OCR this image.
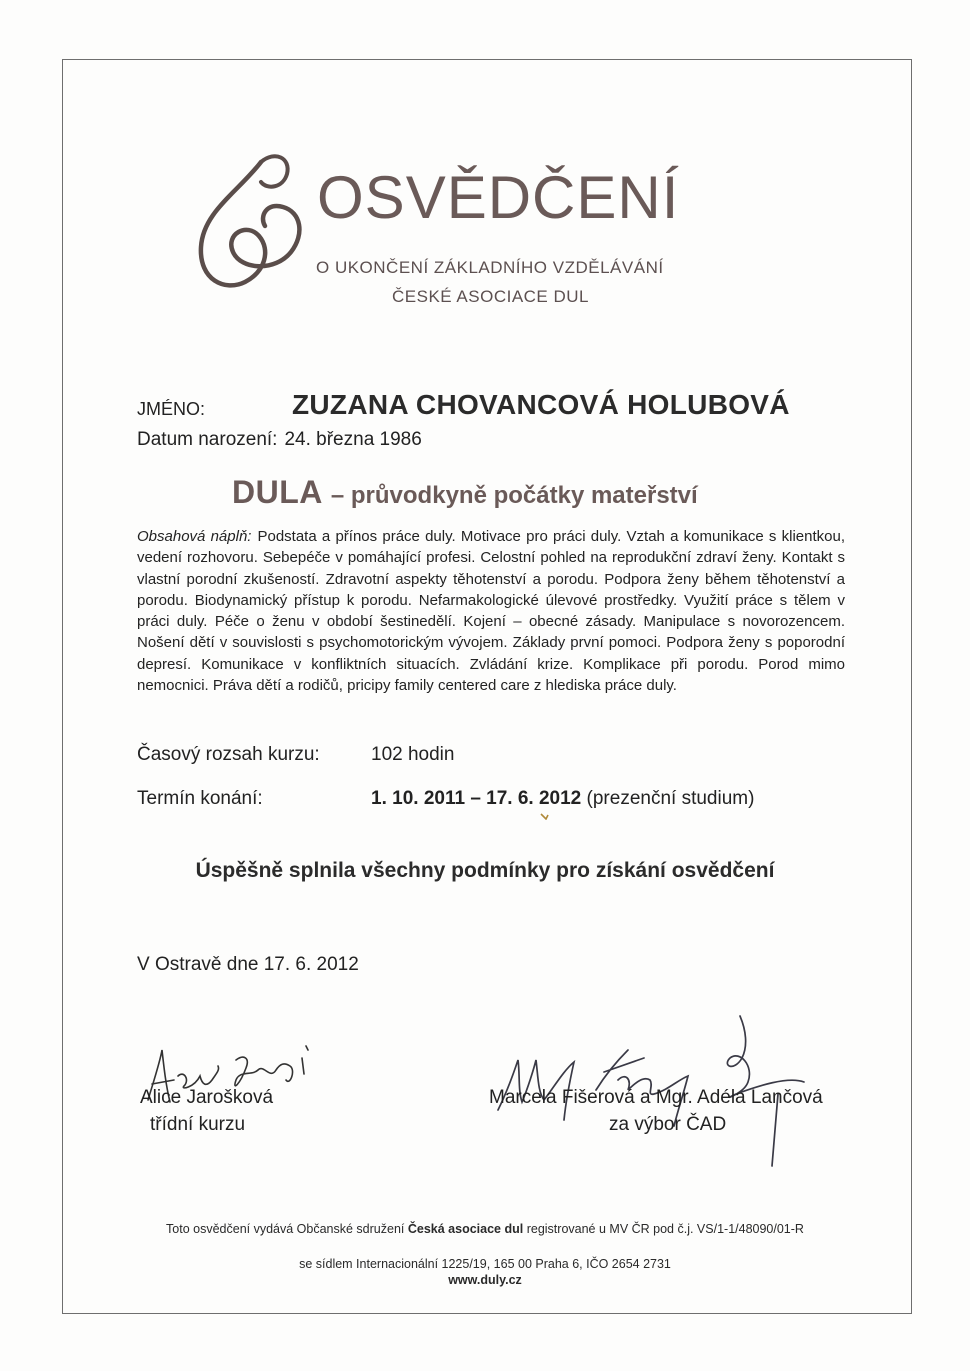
OSVĚDČENÍ
O UKONČENÍ ZÁKLADNÍHO VZDĚLÁVÁNÍ
ČESKÉ ASOCIACE DUL
JMÉNO:	ZUZANA CHOVANCOVÁ HOLUBOVÁ
Datum narození: 24. března 1986
DULA – průvodkyně počátky mateřství
Obsahová náplň: Podstata a přínos práce duly. Motivace pro práci duly. Vztah a komunikace s klientkou, vedení rozhovoru. Sebepéče v pomáhající profesi. Celostní pohled na reprodukční zdraví ženy. Kontakt s vlastní porodní zkušeností. Zdravotní aspekty těhotenství a porodu. Podpora ženy během těhotenství a porodu. Biodynamický přístup k porodu. Nefarmakologické úlevové prostředky. Využití práce s tělem v práci duly. Péče o ženu v období šestinedělí. Kojení – obecné zásady. Manipulace s novorozencem. Nošení dětí v souvislosti s psychomotorickým vývojem. Základy první pomoci. Podpora ženy s poporodní depresí. Komunikace v konfliktních situacích. Zvládání krize. Komplikace při porodu. Porod mimo nemocnici. Práva dětí a rodičů, pricipy family centered care z hlediska práce duly.
Časový rozsah kurzu:	102 hodin
Termín konání:	1. 10. 2011 – 17. 6. 2012 (prezenční studium)
Úspěšně splnila všechny podmínky pro získání osvědčení
V Ostravě dne 17. 6. 2012
Alice Jarošková
třídní kurzu
Marcela Fišerová a Mgr. Adéla Lančová
za výbor ČAD
Toto osvědčení vydává Občanské sdružení Česká asociace dul registrované u MV ČR pod č.j. VS/1-1/48090/01-R
se sídlem Internacionální 1225/19, 165 00 Praha 6, IČO 2654 2731
www.duly.cz
